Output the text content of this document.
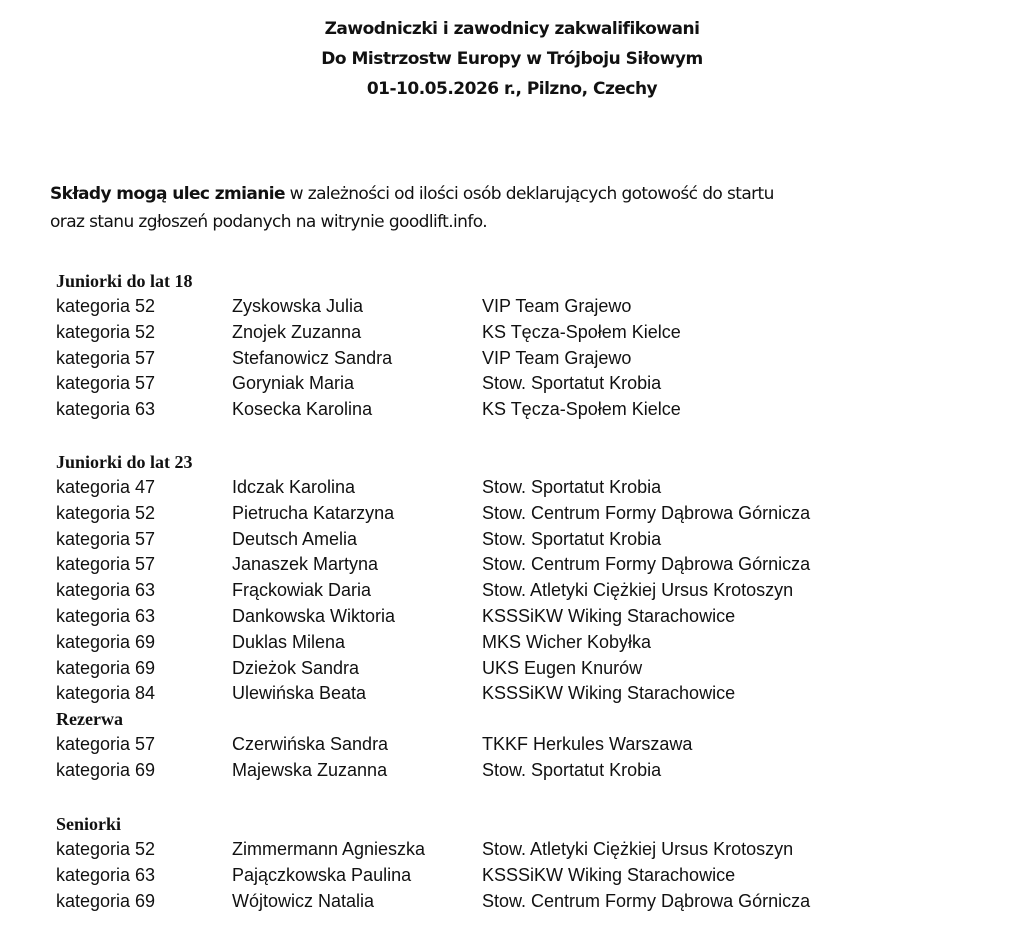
Zawodniczki i zawodnicy zakwalifikowani
Do Mistrzostw Europy w Trójboju Siłowym
01-10.05.2026 r., Pilzno, Czechy
Składy mogą ulec zmianie w zależności od ilości osób deklarujących gotowość do startu
oraz stanu zgłoszeń podanych na witrynie goodlift.info.
Juniorki do lat 18
kategoria 52	Zyskowska Julia	VIP Team Grajewo
kategoria 52	Znojek Zuzanna	KS Tęcza-Społem Kielce
kategoria 57	Stefanowicz Sandra	VIP Team Grajewo
kategoria 57	Goryniak Maria	Stow. Sportatut Krobia
kategoria 63	Kosecka Karolina	KS Tęcza-Społem Kielce
Juniorki do lat 23
kategoria 47	Idczak Karolina	Stow. Sportatut Krobia
kategoria 52	Pietrucha Katarzyna	Stow. Centrum Formy Dąbrowa Górnicza
kategoria 57	Deutsch Amelia	Stow. Sportatut Krobia
kategoria 57	Janaszek Martyna	Stow. Centrum Formy Dąbrowa Górnicza
kategoria 63	Frąckowiak Daria	Stow. Atletyki Ciężkiej Ursus Krotoszyn
kategoria 63	Dankowska Wiktoria	KSSSiKW Wiking Starachowice
kategoria 69	Duklas Milena	MKS Wicher Kobyłka
kategoria 69	Dzieżok Sandra	UKS Eugen Knurów
kategoria 84	Ulewińska Beata	KSSSiKW Wiking Starachowice
Rezerwa
kategoria 57	Czerwińska Sandra	TKKF Herkules Warszawa
kategoria 69	Majewska Zuzanna	Stow. Sportatut Krobia
Seniorki
kategoria 52	Zimmermann Agnieszka	Stow. Atletyki Ciężkiej Ursus Krotoszyn
kategoria 63	Pajączkowska Paulina	KSSSiKW Wiking Starachowice
kategoria 69	Wójtowicz Natalia	Stow. Centrum Formy Dąbrowa Górnicza
